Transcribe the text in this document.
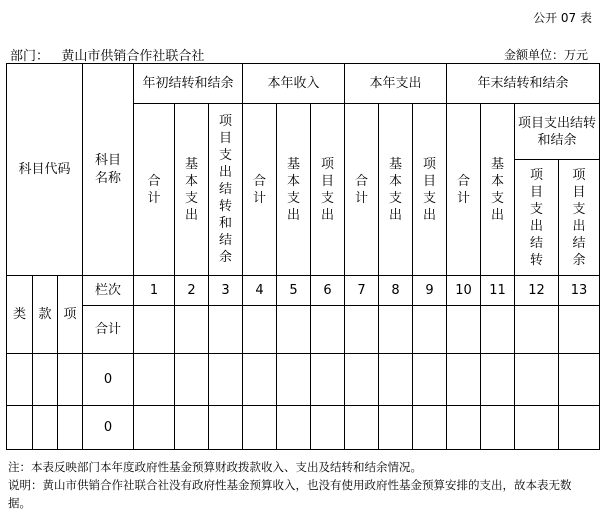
公开 07 表
部门： 黄山市供销合作社联合社	金额单位：万元
科目代码			科目名称	年初结转和结余			本年收入			本年支出			年末结转和结余			

				合计	基本支出	项目支出结转和结余	合计	基本支出	项目支出	合计	基本支出	项目支出	合计	基本支出	项目支出结转和结余	

															项目支出结转	项目支出结余

类	款	项	栏次	1	2	3	4	5	6	7	8	9	10	11	12	13
			合计													
			0													
			0													
注：本表反映部门本年度政府性基金预算财政拨款收入、支出及结转和结余情况。
说明：黄山市供销合作社联合社没有政府性基金预算收入，也没有使用政府性基金预算安排的支出，故本表无数据。
